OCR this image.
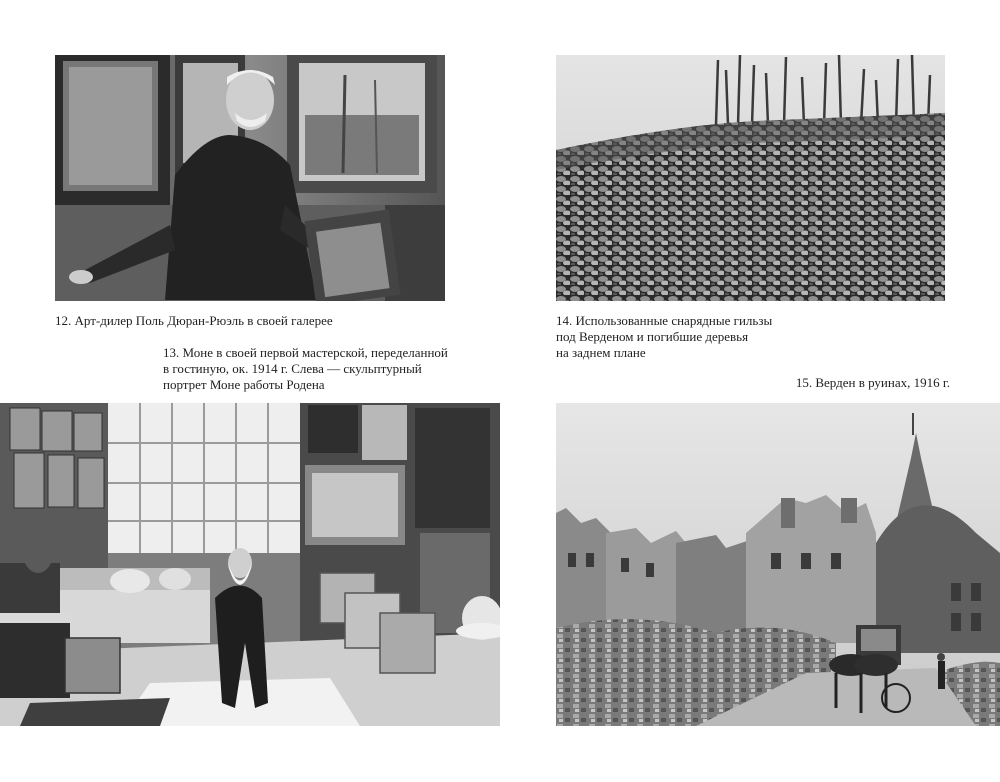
12. Арт-дилер Поль Дюран-Рюэль в своей галерее	14. Использованные снарядные гильзы
под Верденом и погибшие деревья
на заднем плане
13. Моне в своей первой мастерской, переделанной
в гостиную, ок. 1914 г. Слева — скульптурный
портрет Моне работы Родена	15. Верден в руинах, 1916 г.
